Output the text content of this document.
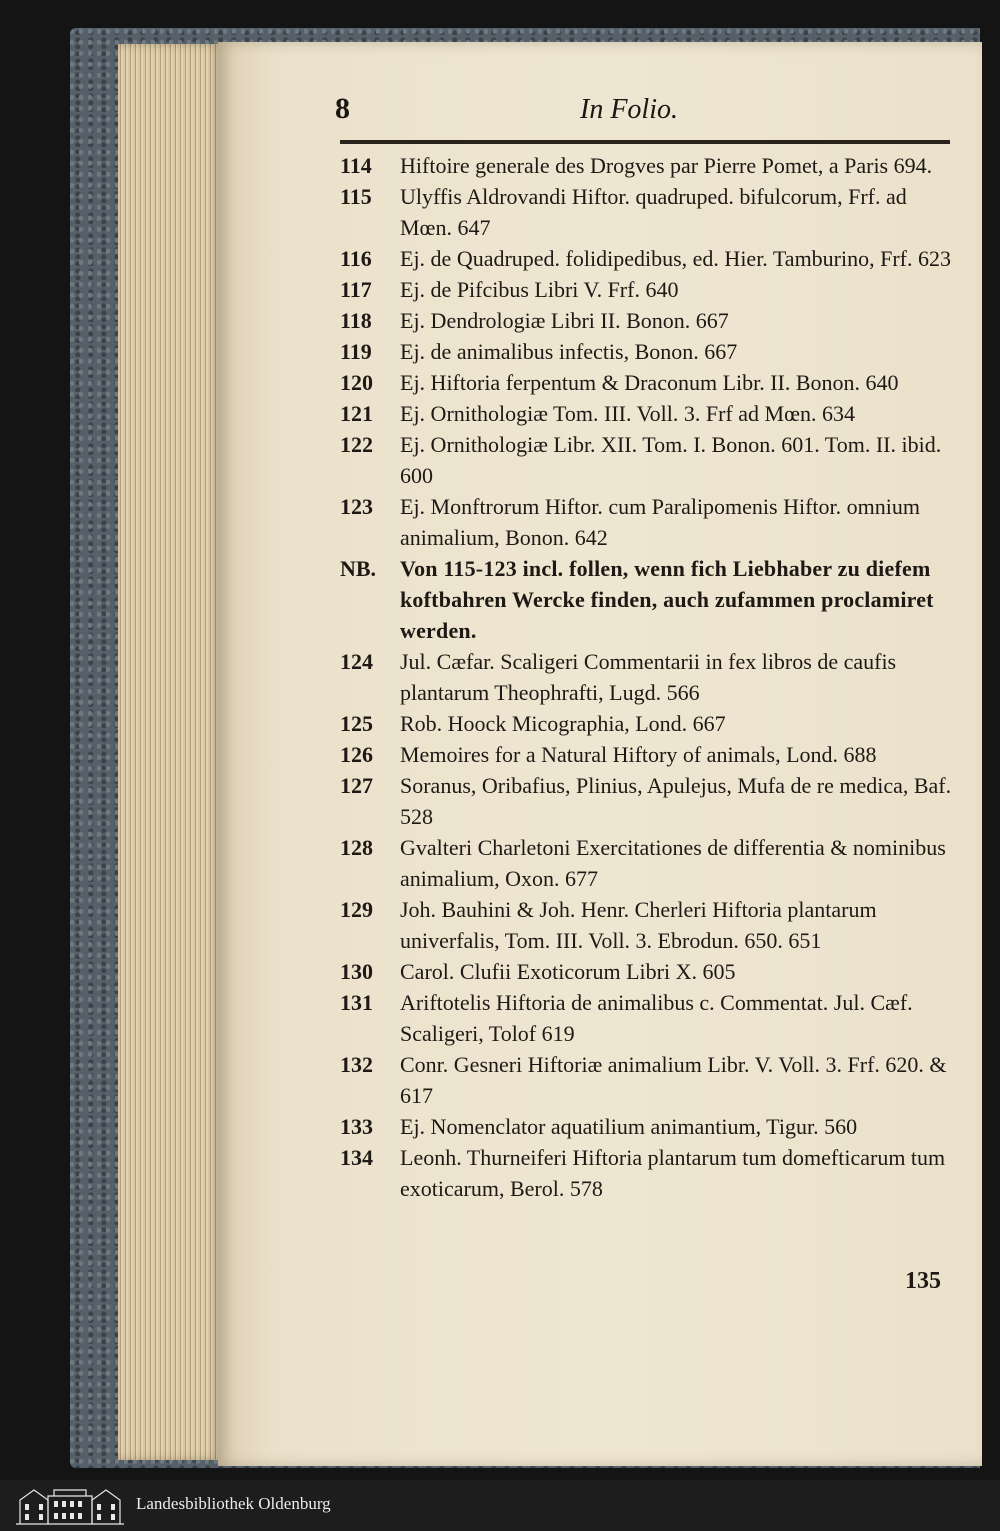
8	In Folio.
114	Hiftoire generale des Drogves par Pierre Pomet, a Paris 694.
115	Ulyffis Aldrovandi Hiftor. quadruped. bifulcorum, Frf. ad Mœn. 647
116	Ej. de Quadruped. folidipedibus, ed. Hier. Tamburino, Frf. 623
117	Ej. de Pifcibus Libri V. Frf. 640
118	Ej. Dendrologiæ Libri II. Bonon. 667
119	Ej. de animalibus infectis, Bonon. 667
120	Ej. Hiftoria ferpentum & Draconum Libr. II. Bonon. 640
121	Ej. Ornithologiæ Tom. III. Voll. 3. Frf ad Mœn. 634
122	Ej. Ornithologiæ Libr. XII. Tom. I. Bonon. 601. Tom. II. ibid. 600
123	Ej. Monftrorum Hiftor. cum Paralipomenis Hiftor. omnium animalium, Bonon. 642
NB.	Von 115-123 incl. follen, wenn fich Liebhaber zu diefem koftbahren Wercke finden, auch zufammen proclamiret werden.
124	Jul. Cæfar. Scaligeri Commentarii in fex libros de caufis plantarum Theophrafti, Lugd. 566
125	Rob. Hoock Micographia, Lond. 667
126	Memoires for a Natural Hiftory of animals, Lond. 688
127	Soranus, Oribafius, Plinius, Apulejus, Mufa de re medica, Baf. 528
128	Gvalteri Charletoni Exercitationes de differentia & nominibus animalium, Oxon. 677
129	Joh. Bauhini & Joh. Henr. Cherleri Hiftoria plantarum univerfalis, Tom. III. Voll. 3. Ebrodun. 650. 651
130	Carol. Clufii Exoticorum Libri X. 605
131	Ariftotelis Hiftoria de animalibus c. Commentat. Jul. Cæf. Scaligeri, Tolof 619
132	Conr. Gesneri Hiftoriæ animalium Libr. V. Voll. 3. Frf. 620. & 617
133	Ej. Nomenclator aquatilium animantium, Tigur. 560
134	Leonh. Thurneiferi Hiftoria plantarum tum domefticarum tum exoticarum, Berol. 578
135
Landesbibliothek Oldenburg
